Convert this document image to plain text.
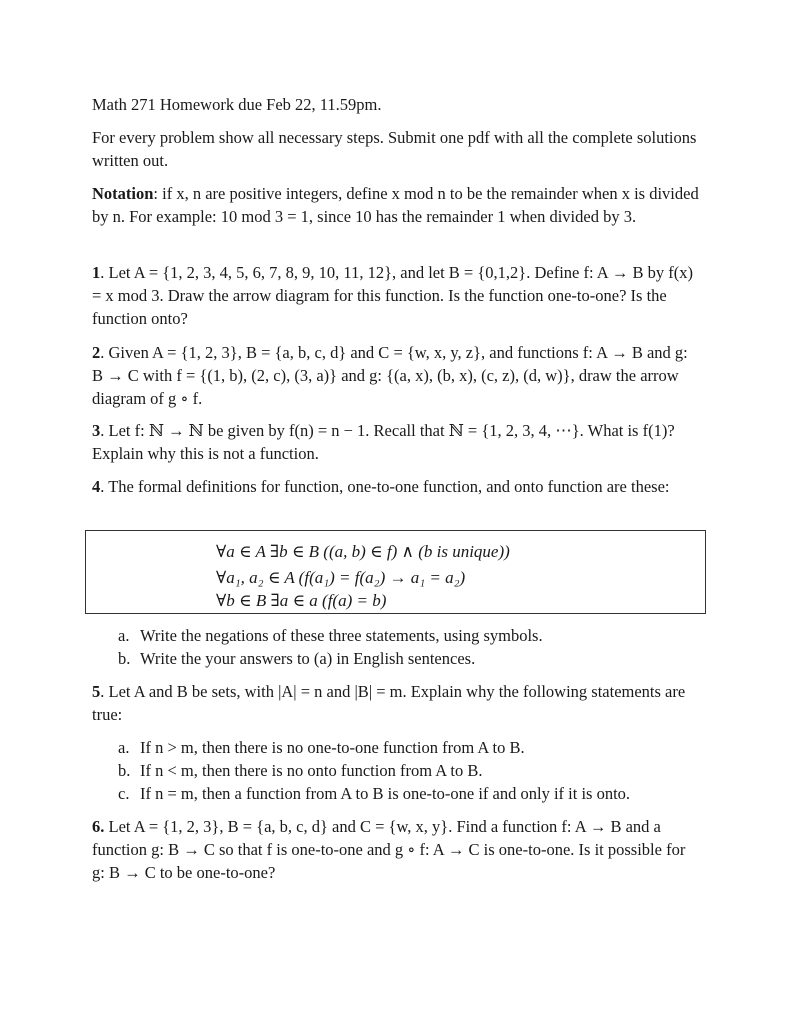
Math 271 Homework due Feb 22, 11.59pm.

For every problem show all necessary steps. Submit one pdf with all the complete solutions written out.

Notation: if x, n are positive integers, define x mod n to be the remainder when x is divided by n. For example: 10 mod 3 = 1, since 10 has the remainder 1 when divided by 3.

1. Let A = {1, 2, 3, 4, 5, 6, 7, 8, 9, 10, 11, 12}, and let B = {0,1,2}. Define f: A → B by f(x) = x mod 3. Draw the arrow diagram for this function. Is the function one-to-one? Is the function onto?

2. Given A = {1, 2, 3}, B = {a, b, c, d} and C = {w, x, y, z}, and functions f: A → B and g: B → C with f = {(1, b), (2, c), (3, a)} and g: {(a, x), (b, x), (c, z), (d, w)}, draw the arrow diagram of g ∘ f.

3. Let f: ℕ → ℕ be given by f(n) = n − 1. Recall that ℕ = {1, 2, 3, 4, ⋯}. What is f(1)? Explain why this is not a function.

4. The formal definitions for function, one-to-one function, and onto function are these:

∀a ∈ A ∃b ∈ B ((a, b) ∈ f) ∧ (b is unique))
∀a₁, a₂ ∈ A (f(a₁) = f(a₂) → a₁ = a₂)
∀b ∈ B ∃a ∈ a (f(a) = b)
a. Write the negations of these three statements, using symbols.
b. Write the your answers to (a) in English sentences.

5. Let A and B be sets, with |A| = n and |B| = m. Explain why the following statements are true:

a. If n > m, then there is no one-to-one function from A to B.
b. If n < m, then there is no onto function from A to B.
c. If n = m, then a function from A to B is one-to-one if and only if it is onto.

6. Let A = {1, 2, 3}, B = {a, b, c, d} and C = {w, x, y}. Find a function f: A → B and a function g: B → C so that f is one-to-one and g ∘ f: A → C is one-to-one. Is it possible for g: B → C to be one-to-one?
